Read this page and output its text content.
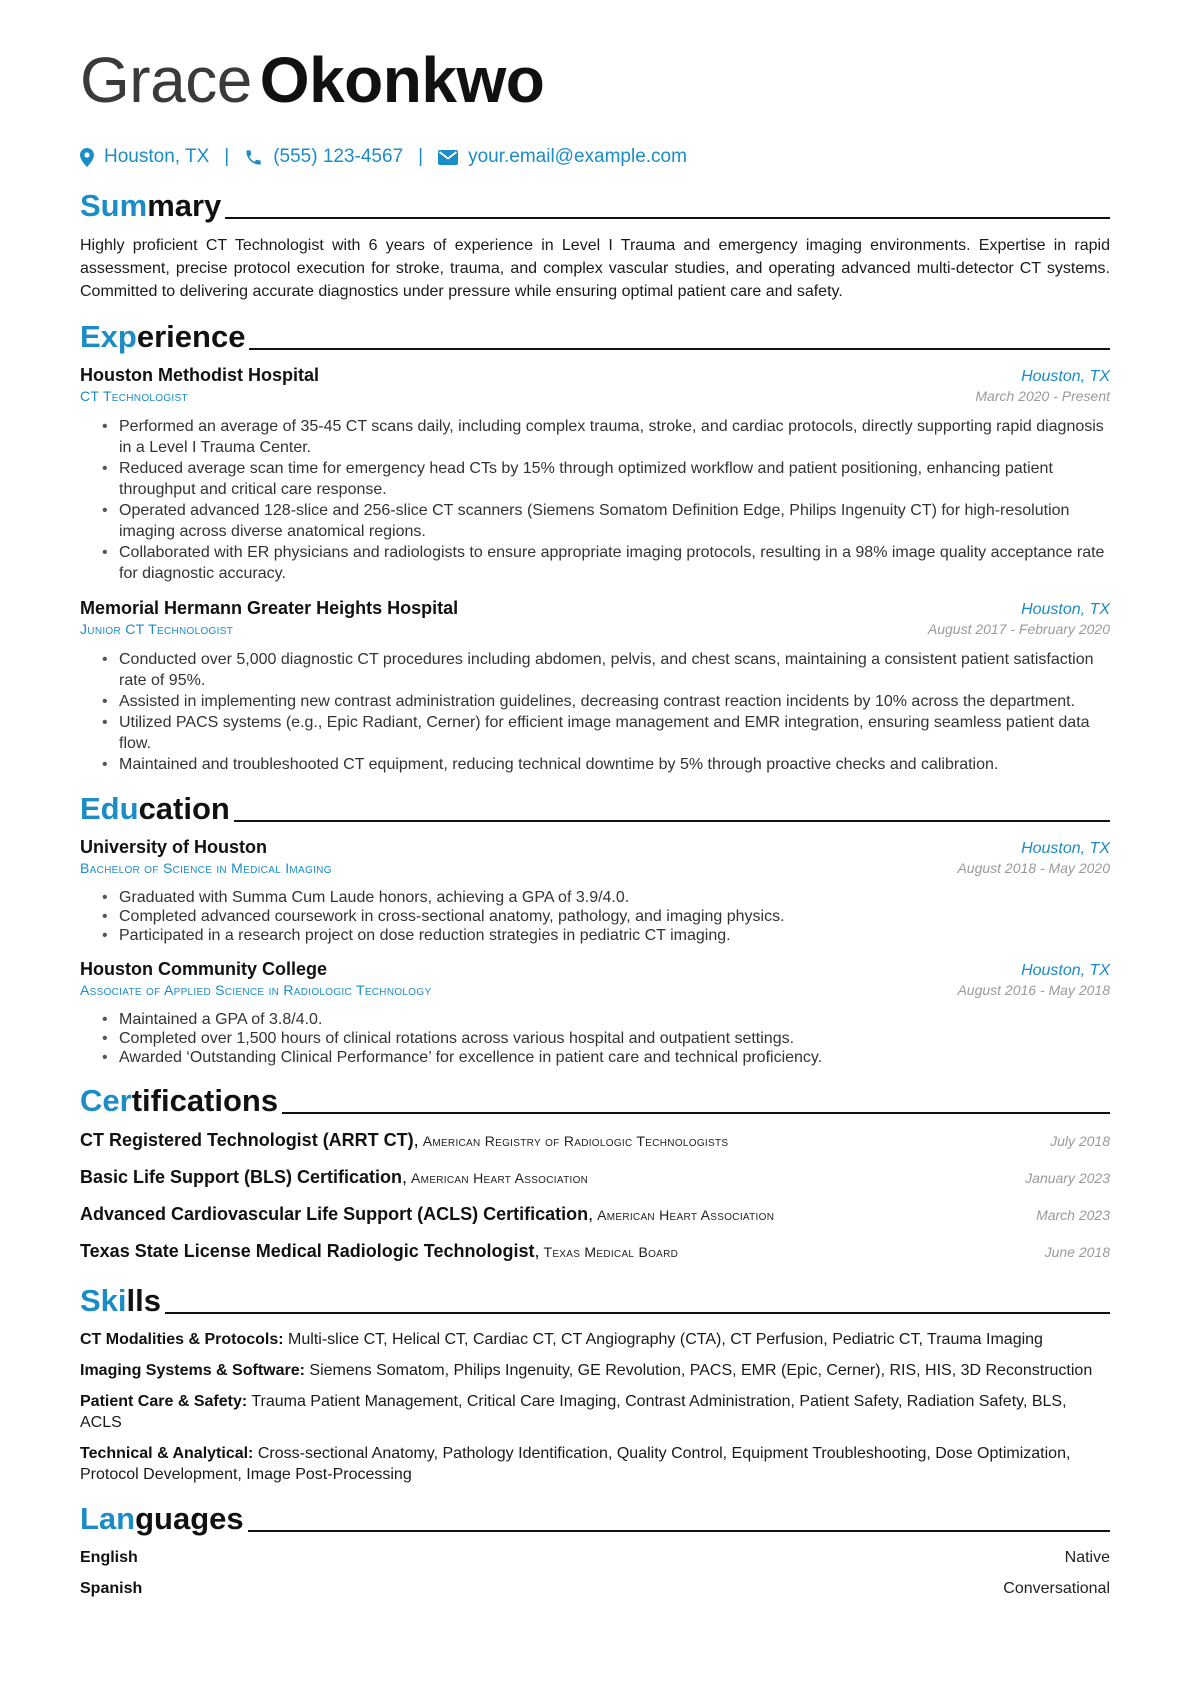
Grace Okonkwo
Houston, TX | (555) 123-4567 | your.email@example.com
Summary

Highly proficient CT Technologist with 6 years of experience in Level I Trauma and emergency imaging environments. Expertise in rapid assessment, precise protocol execution for stroke, trauma, and complex vascular studies, and operating advanced multi-detector CT systems. Committed to delivering accurate diagnostics under pressure while ensuring optimal patient care and safety.

Experience
Houston Methodist Hospital	Houston, TX
CT Technologist	March 2020 - Present
• Performed an average of 35-45 CT scans daily, including complex trauma, stroke, and cardiac protocols, directly supporting rapid diagnosis in a Level I Trauma Center.
• Reduced average scan time for emergency head CTs by 15% through optimized workflow and patient positioning, enhancing patient throughput and critical care response.
• Operated advanced 128-slice and 256-slice CT scanners (Siemens Somatom Definition Edge, Philips Ingenuity CT) for high-resolution imaging across diverse anatomical regions.
• Collaborated with ER physicians and radiologists to ensure appropriate imaging protocols, resulting in a 98% image quality acceptance rate for diagnostic accuracy.
Memorial Hermann Greater Heights Hospital	Houston, TX
Junior CT Technologist	August 2017 - February 2020
• Conducted over 5,000 diagnostic CT procedures including abdomen, pelvis, and chest scans, maintaining a consistent patient satisfaction rate of 95%.
• Assisted in implementing new contrast administration guidelines, decreasing contrast reaction incidents by 10% across the department.
• Utilized PACS systems (e.g., Epic Radiant, Cerner) for efficient image management and EMR integration, ensuring seamless patient data flow.
• Maintained and troubleshooted CT equipment, reducing technical downtime by 5% through proactive checks and calibration.
Education
University of Houston	Houston, TX
Bachelor of Science in Medical Imaging	August 2018 - May 2020
• Graduated with Summa Cum Laude honors, achieving a GPA of 3.9/4.0.
• Completed advanced coursework in cross-sectional anatomy, pathology, and imaging physics.
• Participated in a research project on dose reduction strategies in pediatric CT imaging.
Houston Community College	Houston, TX
Associate of Applied Science in Radiologic Technology	August 2016 - May 2018
• Maintained a GPA of 3.8/4.0.
• Completed over 1,500 hours of clinical rotations across various hospital and outpatient settings.
• Awarded ‘Outstanding Clinical Performance’ for excellence in patient care and technical proficiency.
Certifications
CT Registered Technologist (ARRT CT), American Registry of Radiologic Technologists	July 2018
Basic Life Support (BLS) Certification, American Heart Association	January 2023
Advanced Cardiovascular Life Support (ACLS) Certification, American Heart Association	March 2023
Texas State License Medical Radiologic Technologist, Texas Medical Board	June 2018
Skills
CT Modalities & Protocols: Multi-slice CT, Helical CT, Cardiac CT, CT Angiography (CTA), CT Perfusion, Pediatric CT, Trauma Imaging
Imaging Systems & Software: Siemens Somatom, Philips Ingenuity, GE Revolution, PACS, EMR (Epic, Cerner), RIS, HIS, 3D Reconstruction
Patient Care & Safety: Trauma Patient Management, Critical Care Imaging, Contrast Administration, Patient Safety, Radiation Safety, BLS, ACLS
Technical & Analytical: Cross-sectional Anatomy, Pathology Identification, Quality Control, Equipment Troubleshooting, Dose Optimization, Protocol Development, Image Post-Processing
Languages
English	Native
Spanish	Conversational
